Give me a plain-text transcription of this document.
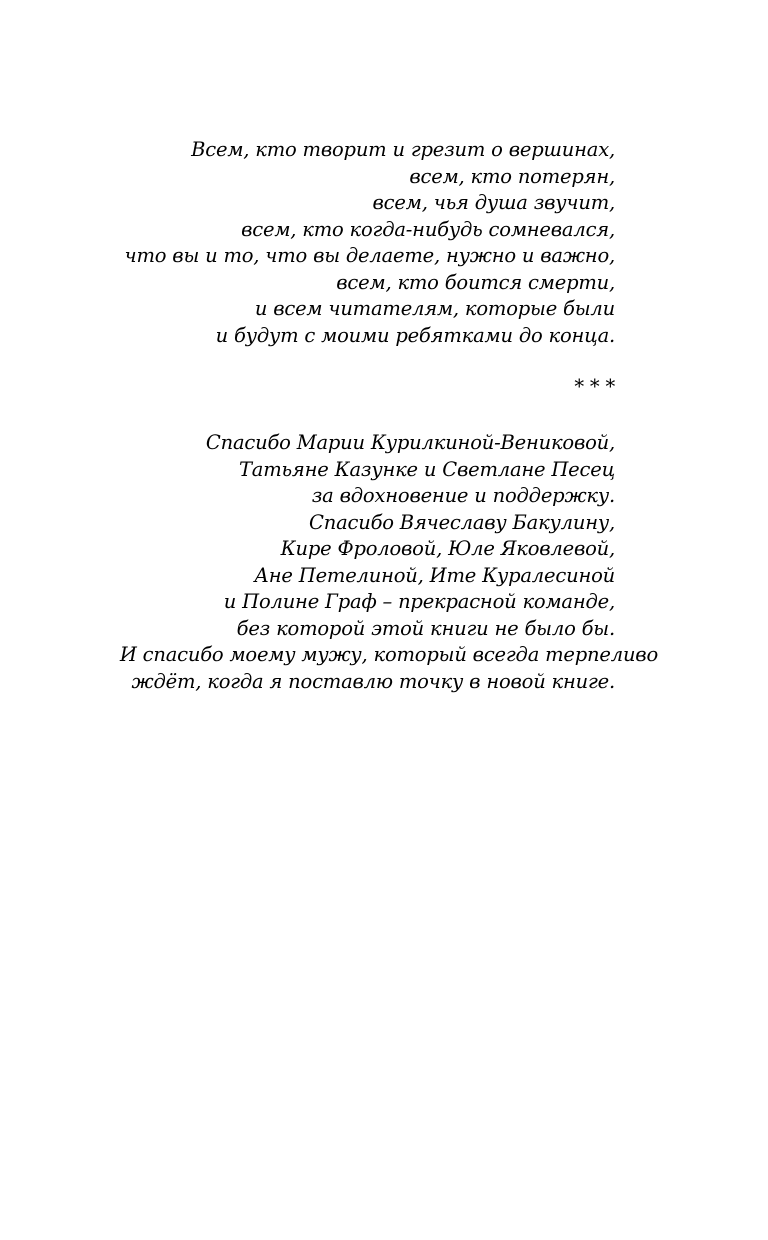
Всем, кто творит и грезит о вершинах,
всем, кто потерян,
всем, чья душа звучит,
всем, кто когда-нибудь сомневался,
что вы и то, что вы делаете, нужно и важно,
всем, кто боится смерти,
и всем читателям, которые были
и будут с моими ребятками до конца.
* * *
Спасибо Марии Курилкиной-Вениковой,
Татьяне Казунке и Светлане Песец
за вдохновение и поддержку.
Спасибо Вячеславу Бакулину,
Кире Фроловой, Юле Яковлевой,
Ане Петелиной, Ите Куралесиной
и Полине Граф – прекрасной команде,
без которой этой книги не было бы.
И спасибо моему мужу, который всегда терпеливо
ждёт, когда я поставлю точку в новой книге.
